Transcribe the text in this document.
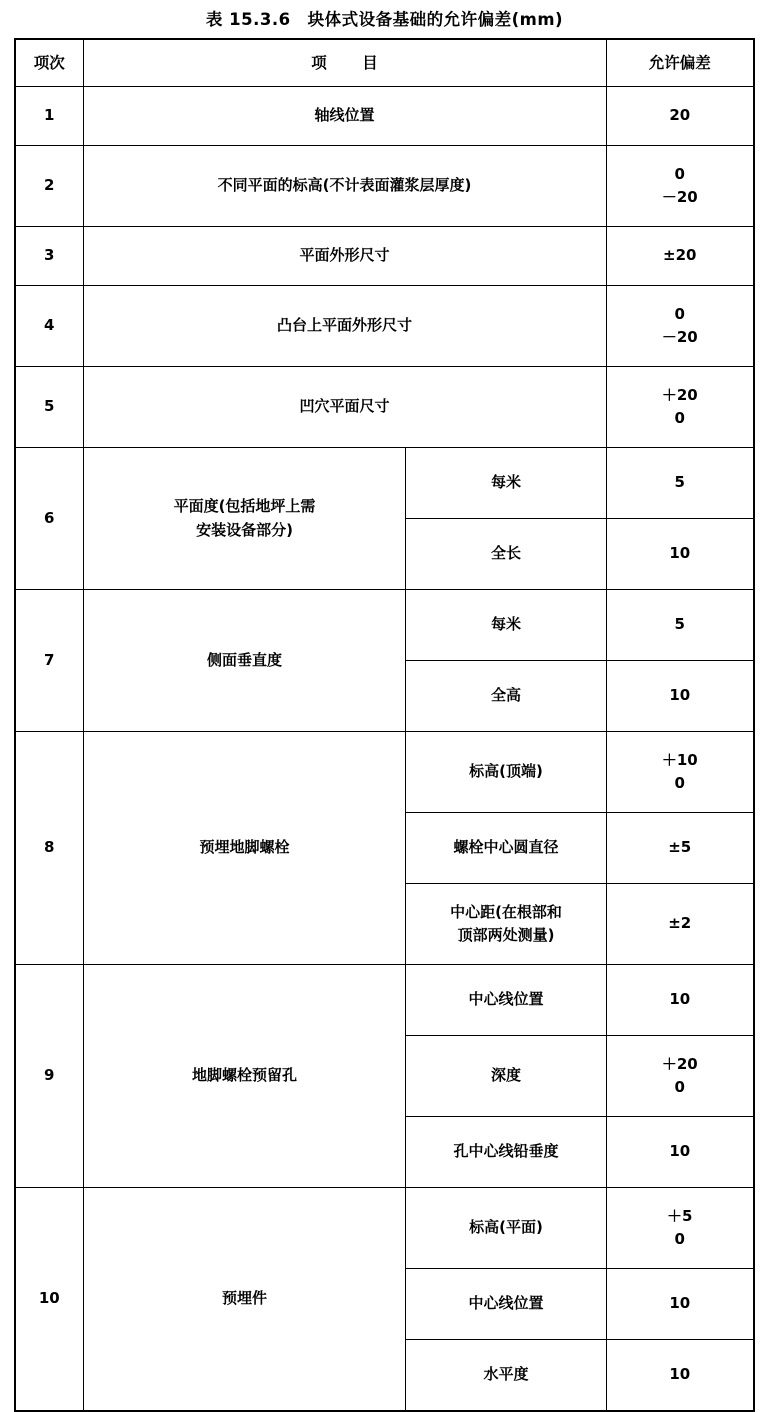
表 15.3.6　块体式设备基础的允许偏差(mm)
项次	项　目		允许偏差
1	轴线位置		20
2	不同平面的标高(不计表面灌浆层厚度)		0
－20

3	平面外形尺寸		±20
4	凸台上平面外形尺寸		0
－20

5	凹穴平面尺寸		＋20
0

6	平面度(包括地坪上需
安装设备部分)	每米	5
		全长	10
7	侧面垂直度	每米	5
		全高	10
8	预埋地脚螺栓	标高(顶端)	＋10
0

		螺栓中心圆直径	±5

		中心距(在根部和
顶部两处测量)	±2
9	地脚螺栓预留孔	中心线位置	10
		深度	＋20
0

		孔中心线铅垂度	10
10	预埋件	标高(平面)	＋5
0

		中心线位置	10
		水平度	10
